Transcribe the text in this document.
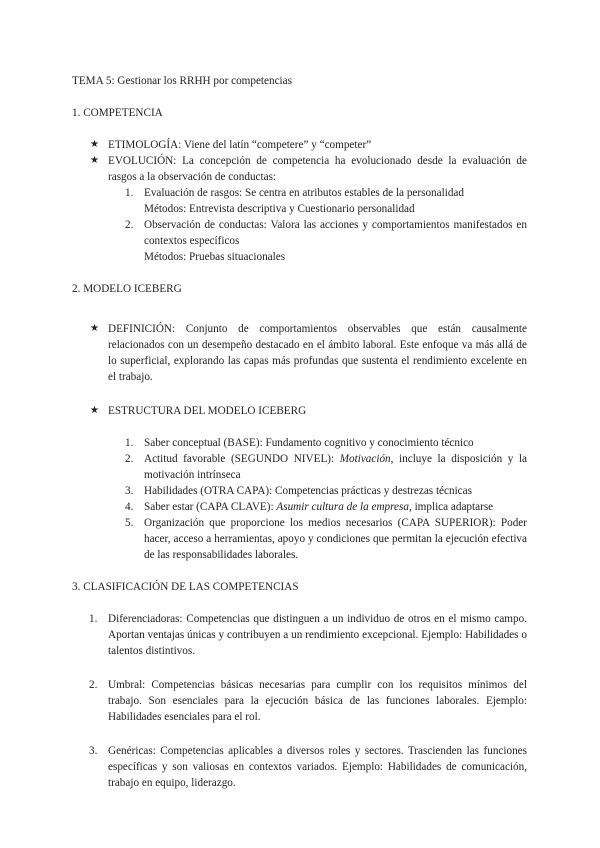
TEMA 5: Gestionar los RRHH por competencias
1. COMPETENCIA
★ ETIMOLOGÍA: Viene del latín “competere” y “competer”
★ EVOLUCIÓN: La concepción de competencia ha evolucionado desde la evaluación de rasgos a la observación de conductas:
1. Evaluación de rasgos: Se centra en atributos estables de la personalidad
Métodos: Entrevista descriptiva y Cuestionario personalidad
2. Observación de conductas: Valora las acciones y comportamientos manifestados en contextos específicos
Métodos: Pruebas situacionales
2. MODELO ICEBERG
★ DEFINICIÓN: Conjunto de comportamientos observables que están causalmente relacionados con un desempeño destacado en el ámbito laboral. Este enfoque va más allá de lo superficial, explorando las capas más profundas que sustenta el rendimiento excelente en el trabajo.
★ ESTRUCTURA DEL MODELO ICEBERG
1. Saber conceptual (BASE): Fundamento cognitivo y conocimiento técnico
2. Actitud favorable (SEGUNDO NIVEL): Motivación, incluye la disposición y la motivación intrínseca
3. Habilidades (OTRA CAPA): Competencias prácticas y destrezas técnicas
4. Saber estar (CAPA CLAVE): Asumir cultura de la empresa, implica adaptarse
5. Organización que proporcione los medios necesarios (CAPA SUPERIOR): Poder hacer, acceso a herramientas, apoyo y condiciones que permitan la ejecución efectiva de las responsabilidades laborales.
3. CLASIFICACIÓN DE LAS COMPETENCIAS
1. Diferenciadoras: Competencias que distinguen a un individuo de otros en el mismo campo. Aportan ventajas únicas y contribuyen a un rendimiento excepcional. Ejemplo: Habilidades o talentos distintivos.
2. Umbral: Competencias básicas necesarias para cumplir con los requisitos mínimos del trabajo. Son esenciales para la ejecución básica de las funciones laborales. Ejemplo: Habilidades esenciales para el rol.
3. Genéricas: Competencias aplicables a diversos roles y sectores. Trascienden las funciones específicas y son valiosas en contextos variados. Ejemplo: Habilidades de comunicación, trabajo en equipo, liderazgo.
